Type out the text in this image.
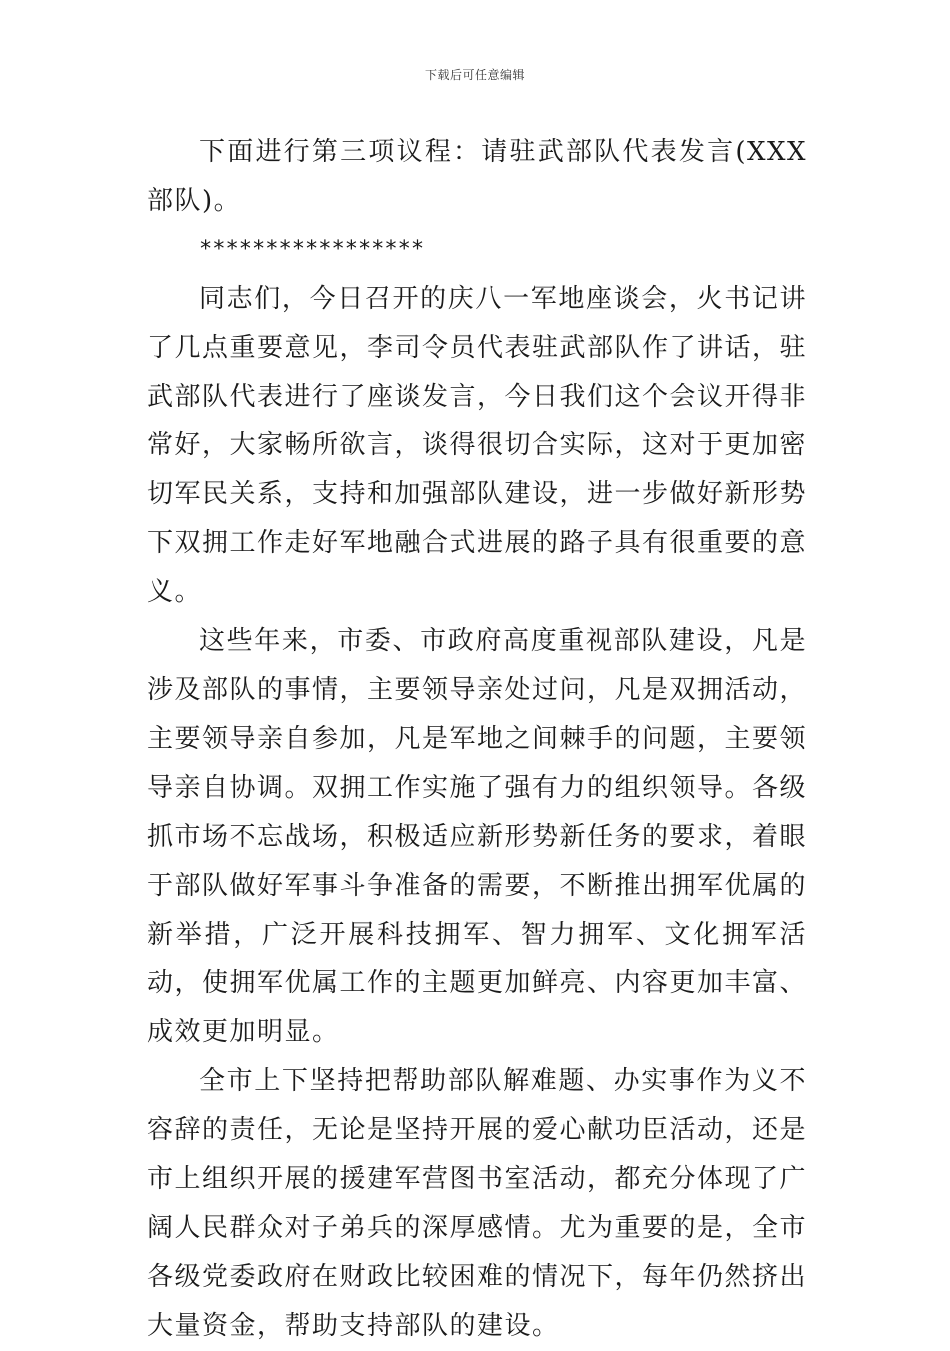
下载后可任意编辑

下面进行第三项议程：请驻武部队代表发言(XXX部队)。

*****************

同志们，今日召开的庆八一军地座谈会，火书记讲了几点重要意见，李司令员代表驻武部队作了讲话，驻武部队代表进行了座谈发言，今日我们这个会议开得非常好，大家畅所欲言，谈得很切合实际，这对于更加密切军民关系，支持和加强部队建设，进一步做好新形势下双拥工作走好军地融合式进展的路子具有很重要的意义。

这些年来，市委、市政府高度重视部队建设，凡是涉及部队的事情，主要领导亲处过问，凡是双拥活动，主要领导亲自参加，凡是军地之间棘手的问题，主要领导亲自协调。双拥工作实施了强有力的组织领导。各级抓市场不忘战场，积极适应新形势新任务的要求，着眼于部队做好军事斗争准备的需要，不断推出拥军优属的新举措，广泛开展科技拥军、智力拥军、文化拥军活动，使拥军优属工作的主题更加鲜亮、内容更加丰富、成效更加明显。

全市上下坚持把帮助部队解难题、办实事作为义不容辞的责任，无论是坚持开展的爱心献功臣活动，还是市上组织开展的援建军营图书室活动，都充分体现了广阔人民群众对子弟兵的深厚感情。尤为重要的是，全市各级党委政府在财政比较困难的情况下，每年仍然挤出大量资金，帮助支持部队的建设。
